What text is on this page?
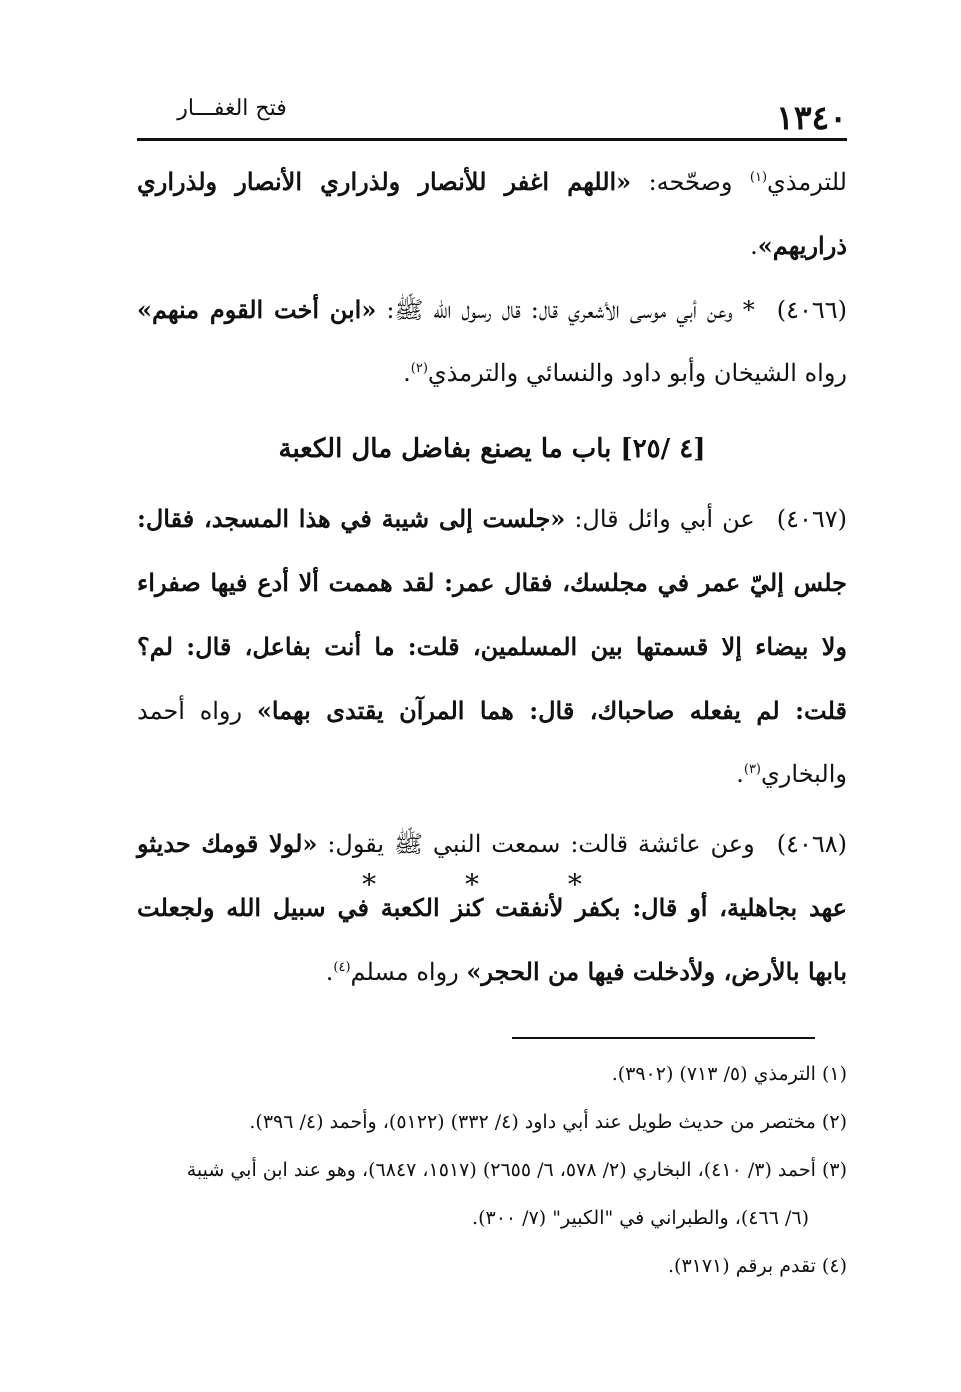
١٣٤٠
فتح الغفـــار

للترمذي$^{(١)}$ وصحّحه: «اللهم اغفر للأنصار ولذراري الأنصار ولذراري ذراريهم».

(٤٠٦٦)* وعن أبي موسى الأشعري قال: قال رسول الله ﷺ: «ابن أخت القوم منهم» رواه الشيخان وأبو داود والنسائي والترمذي$^{(٢)}$.

[٤ /٢٥] باب ما يصنع بفاضل مال الكعبة

(٤٠٦٧)عن أبي وائل قال: «جلست إلى شيبة في هذا المسجد، فقال: جلس إليّ عمر في مجلسك، فقال عمر: لقد هممت ألا أدع فيها صفراء ولا بيضاء إلا قسمتها بين المسلمين، قلت: ما أنت بفاعل، قال: لم؟ قلت: لم يفعله صاحباك، قال: هما المرآن يقتدى بهما» رواه أحمد والبخاري$^{(٣)}$.

(٤٠٦٨)وعن عائشة قالت: سمعت النبي ﷺ يقول: «لولا قومك حديثو عهد بجاهلية، أو قال: بكفر لأنفقت كنز الكعبة في سبيل الله ولجعلت بابها بالأرض، ولأدخلت فيها من الحجر» رواه مسلم$^{(٤)}$.

* * *

(١) الترمذي (٥/ ٧١٣) (٣٩٠٢).

(٢) مختصر من حديث طويل عند أبي داود (٤/ ٣٣٢) (٥١٢٢)، وأحمد (٤/ ٣٩٦).

(٣) أحمد (٣/ ٤١٠)، البخاري (٢/ ٥٧٨، ٦/ ٢٦٥٥) (١٥١٧، ٦٨٤٧)، وهو عند ابن أبي شيبة

(٦/ ٤٦٦)، والطبراني في "الكبير" (٧/ ٣٠٠).

(٤) تقدم برقم (٣١٧١).
